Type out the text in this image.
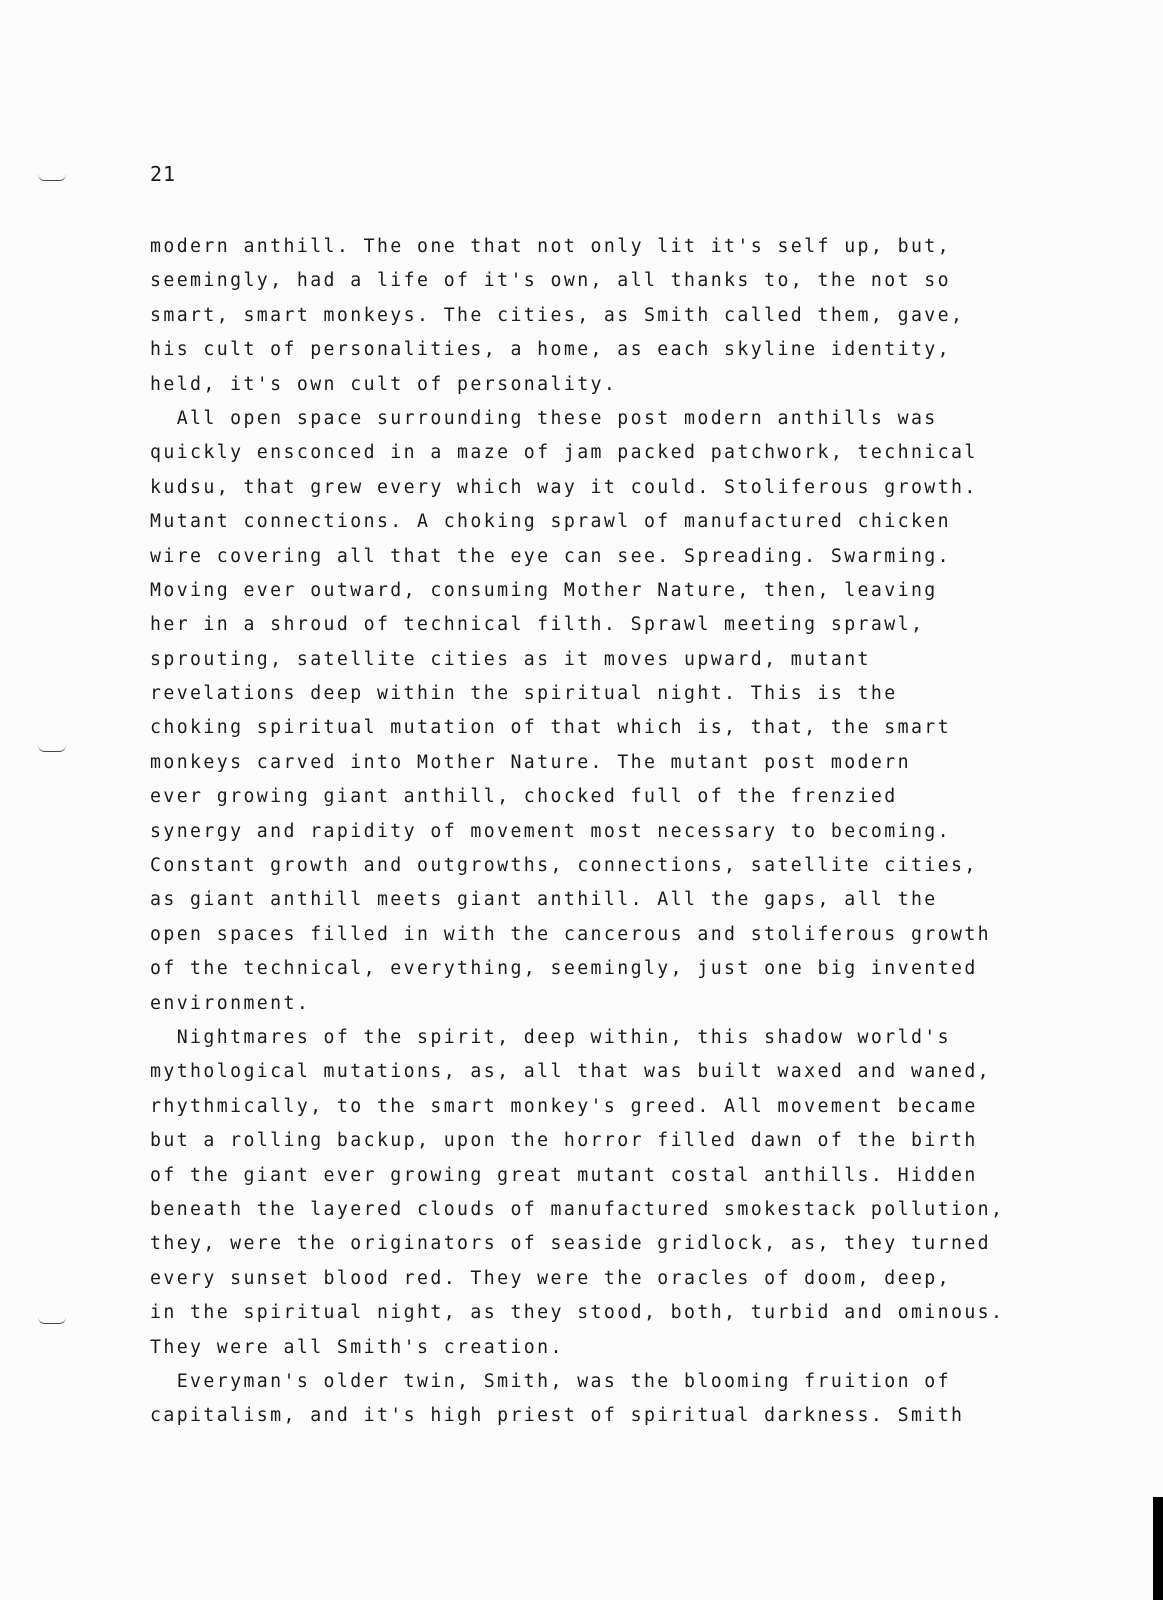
21
modern anthill. The one that not only lit it's self up, but,
seemingly, had a life of it's own, all thanks to, the not so
smart, smart monkeys. The cities, as Smith called them, gave,
his cult of personalities, a home, as each skyline identity,
held, it's own cult of personality.
All open space surrounding these post modern anthills was
quickly ensconced in a maze of jam packed patchwork, technical
kudsu, that grew every which way it could. Stoliferous growth.
Mutant connections. A choking sprawl of manufactured chicken
wire covering all that the eye can see. Spreading. Swarming.
Moving ever outward, consuming Mother Nature, then, leaving
her in a shroud of technical filth. Sprawl meeting sprawl,
sprouting, satellite cities as it moves upward, mutant
revelations deep within the spiritual night. This is the
choking spiritual mutation of that which is, that, the smart
monkeys carved into Mother Nature. The mutant post modern
ever growing giant anthill, chocked full of the frenzied
synergy and rapidity of movement most necessary to becoming.
Constant growth and outgrowths, connections, satellite cities,
as giant anthill meets giant anthill. All the gaps, all the
open spaces filled in with the cancerous and stoliferous growth
of the technical, everything, seemingly, just one big invented
environment.
Nightmares of the spirit, deep within, this shadow world's
mythological mutations, as, all that was built waxed and waned,
rhythmically, to the smart monkey's greed. All movement became
but a rolling backup, upon the horror filled dawn of the birth
of the giant ever growing great mutant costal anthills. Hidden
beneath the layered clouds of manufactured smokestack pollution,
they, were the originators of seaside gridlock, as, they turned
every sunset blood red. They were the oracles of doom, deep,
in the spiritual night, as they stood, both, turbid and ominous.
They were all Smith's creation.
Everyman's older twin, Smith, was the blooming fruition of
capitalism, and it's high priest of spiritual darkness. Smith
